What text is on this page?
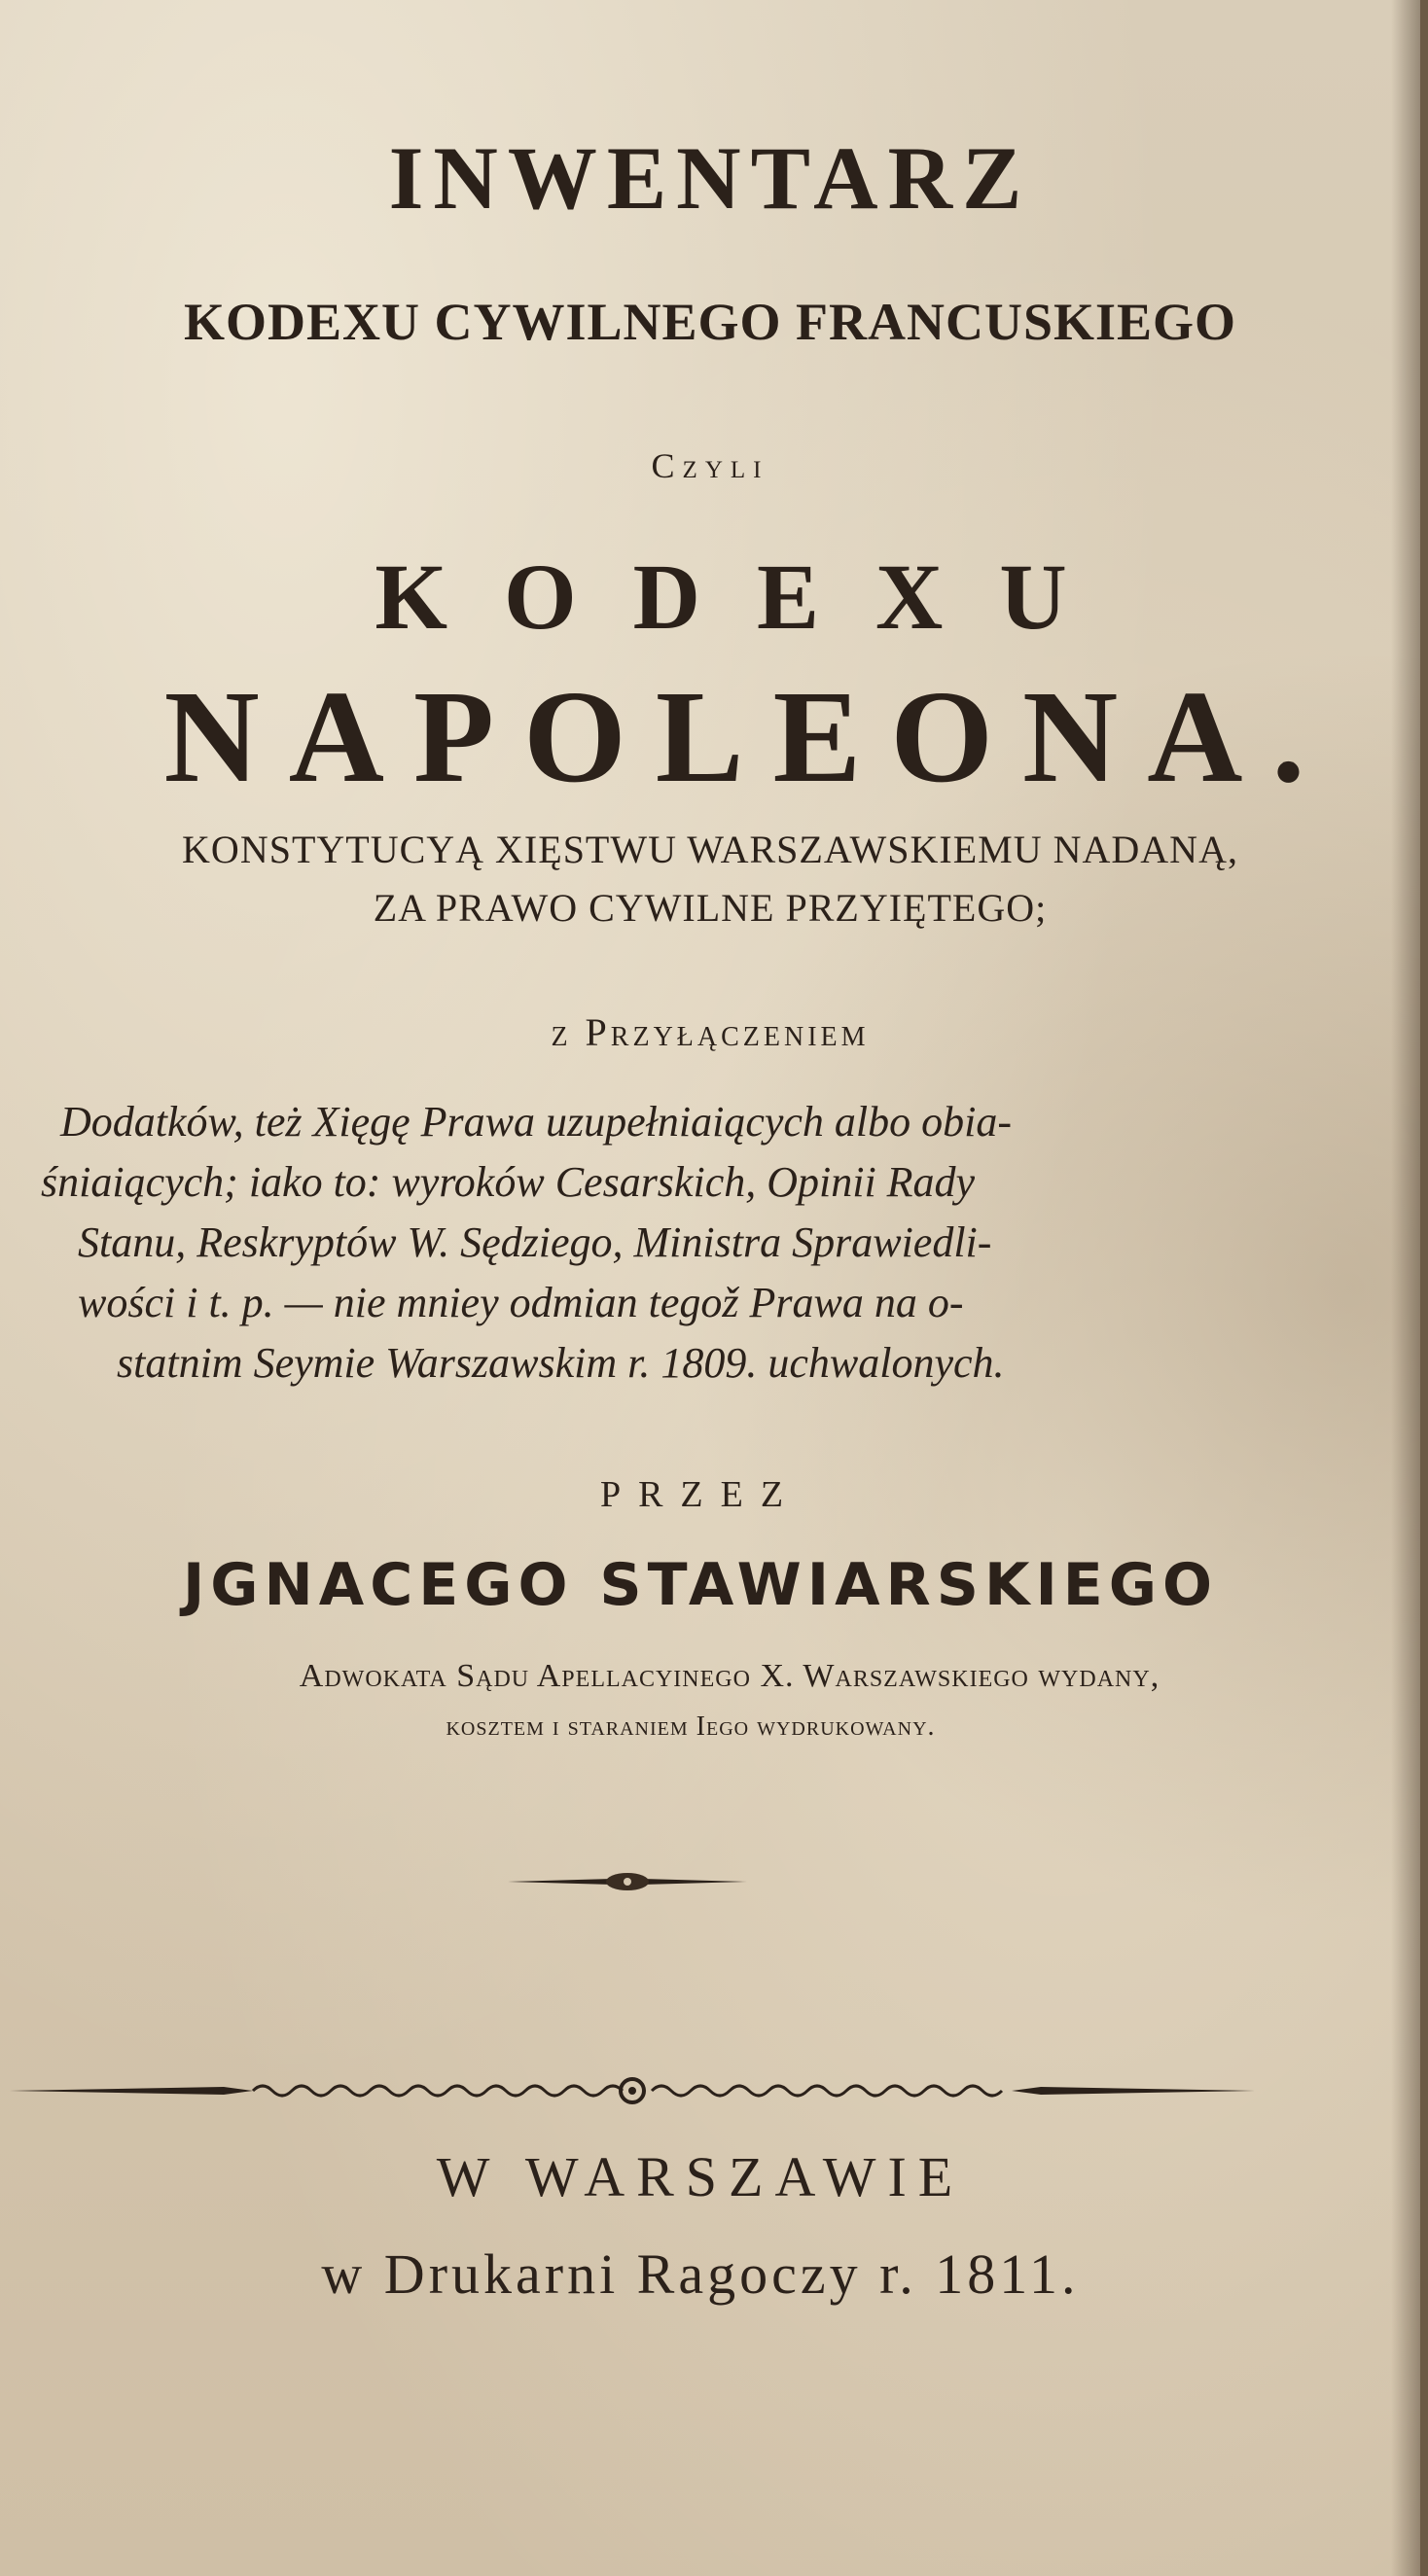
INWENTARZ
KODEXU CYWILNEGO FRANCUSKIEGO
Czyli
KODEXU
NAPOLEONA.
KONSTYTUCYĄ XIĘSTWU WARSZAWSKIEMU NADANĄ,
ZA PRAWO CYWILNE PRZYIĘTEGO;
z Przyłączeniem
Dodatków, też Xięgę Prawa uzupełniaiących albo obia-
śniaiących; iako to: wyroków Cesarskich, Opinii Rady
Stanu, Reskryptów W. Sędziego, Ministra Sprawiedli-
wości i t. p. — nie mniey odmian tegož Prawa na o-
statnim Seymie Warszawskim r. 1809. uchwalonych.
PRZEZ
JGNACEGO STAWIARSKIEGO
Adwokata Sądu Apellacyinego X. Warszawskiego wydany,
kosztem i staraniem Iego wydrukowany.
W WARSZAWIE
w Drukarni Ragoczy r. 1811.
